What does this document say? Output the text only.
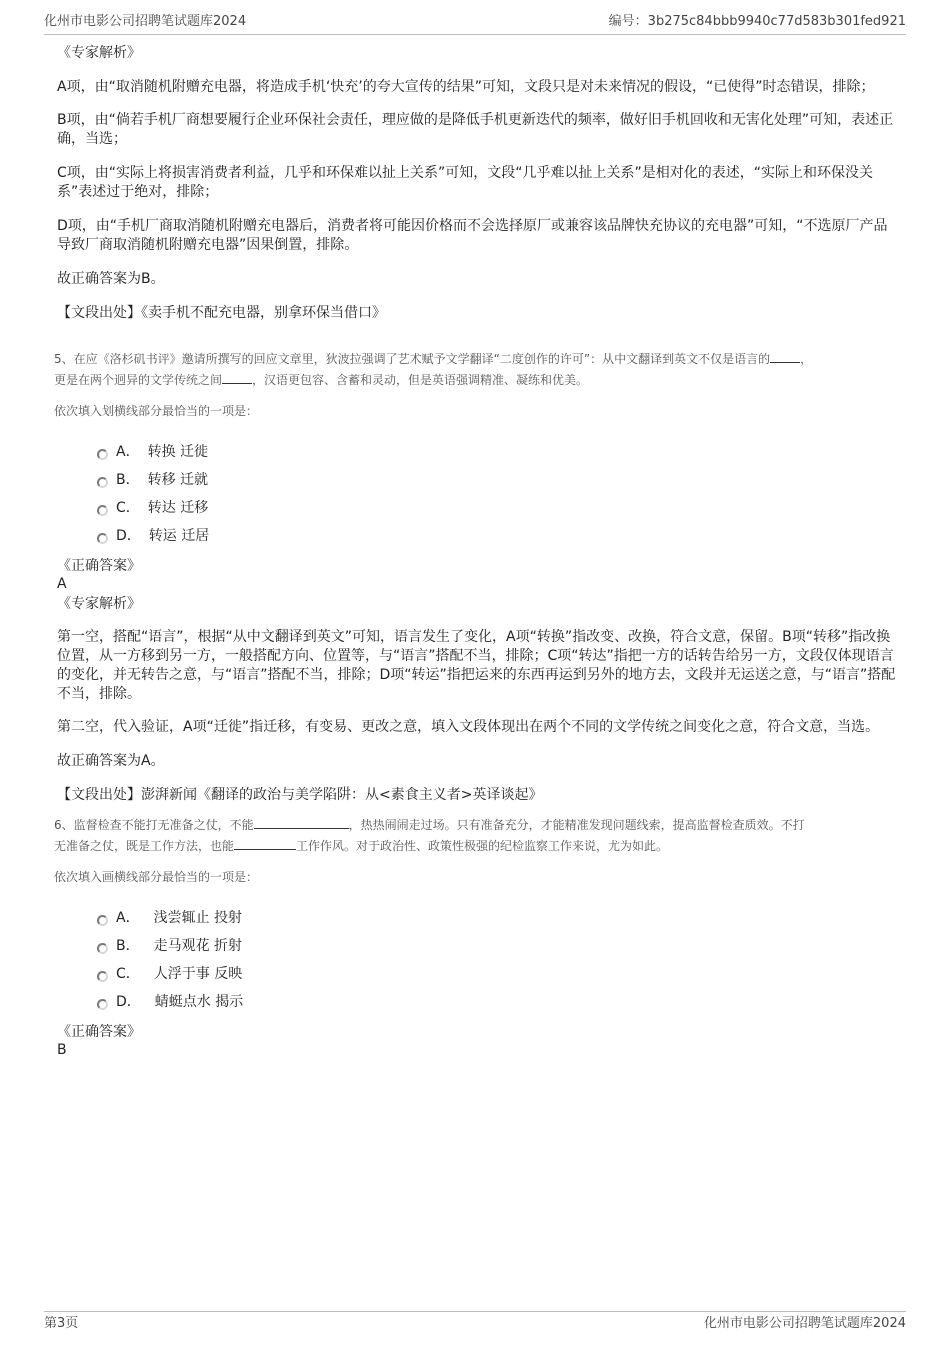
化州市电影公司招聘笔试题库2024	编号：3b275c84bbb9940c77d583b301fed921

《专家解析》

A项，由“取消随机附赠充电器，将造成手机‘快充’的夸大宣传的结果”可知，文段只是对未来情况的假设，“已使得”时态错误，排除；

B项，由“倘若手机厂商想要履行企业环保社会责任，理应做的是降低手机更新迭代的频率，做好旧手机回收和无害化处理”可知，表述正确，当选；

C项，由“实际上将损害消费者利益，几乎和环保难以扯上关系”可知，文段“几乎难以扯上关系”是相对化的表述，“实际上和环保没关系”表述过于绝对，排除；

D项，由“手机厂商取消随机附赠充电器后，消费者将可能因价格而不会选择原厂或兼容该品牌快充协议的充电器”可知，“不选原厂产品导致厂商取消随机附赠充电器”因果倒置，排除。

故正确答案为B。

【文段出处】《卖手机不配充电器，别拿环保当借口》

5、在应《洛杉矶书评》邀请所撰写的回应文章里，狄波拉强调了艺术赋予文学翻译“二度创作的许可”：从中文翻译到英文不仅是语言的	，
更是在两个迥异的文学传统之间	，汉语更包容、含蓄和灵动，但是英语强调精准、凝练和优美。

依次填入划横线部分最恰当的一项是：

A． 转换 迁徙
B． 转移 迁就
C． 转达 迁移
D． 转运 迁居

《正确答案》

A

《专家解析》

第一空，搭配“语言”，根据“从中文翻译到英文”可知，语言发生了变化，A项“转换”指改变、改换，符合文意，保留。B项“转移”指改换位置，从一方移到另一方，一般搭配方向、位置等，与“语言”搭配不当，排除；C项“转达”指把一方的话转告给另一方，文段仅体现语言的变化，并无转告之意，与“语言”搭配不当，排除；D项“转运”指把运来的东西再运到另外的地方去，文段并无运送之意，与“语言”搭配不当，排除。

第二空，代入验证，A项“迁徙”指迁移，有变易、更改之意，填入文段体现出在两个不同的文学传统之间变化之意，符合文意，当选。

故正确答案为A。

【文段出处】澎湃新闻《翻译的政治与美学陷阱：从<素食主义者>英译谈起》

6、监督检查不能打无准备之仗，不能	，热热闹闹走过场。只有准备充分，才能精准发现问题线索，提高监督检查质效。不打
无准备之仗，既是工作方法，也能	工作作风。对于政治性、政策性极强的纪检监察工作来说，尤为如此。

依次填入画横线部分最恰当的一项是：

A． 浅尝辄止 投射
B． 走马观花 折射
C． 人浮于事 反映
D． 蜻蜓点水 揭示

《正确答案》

B

第3页	化州市电影公司招聘笔试题库2024
